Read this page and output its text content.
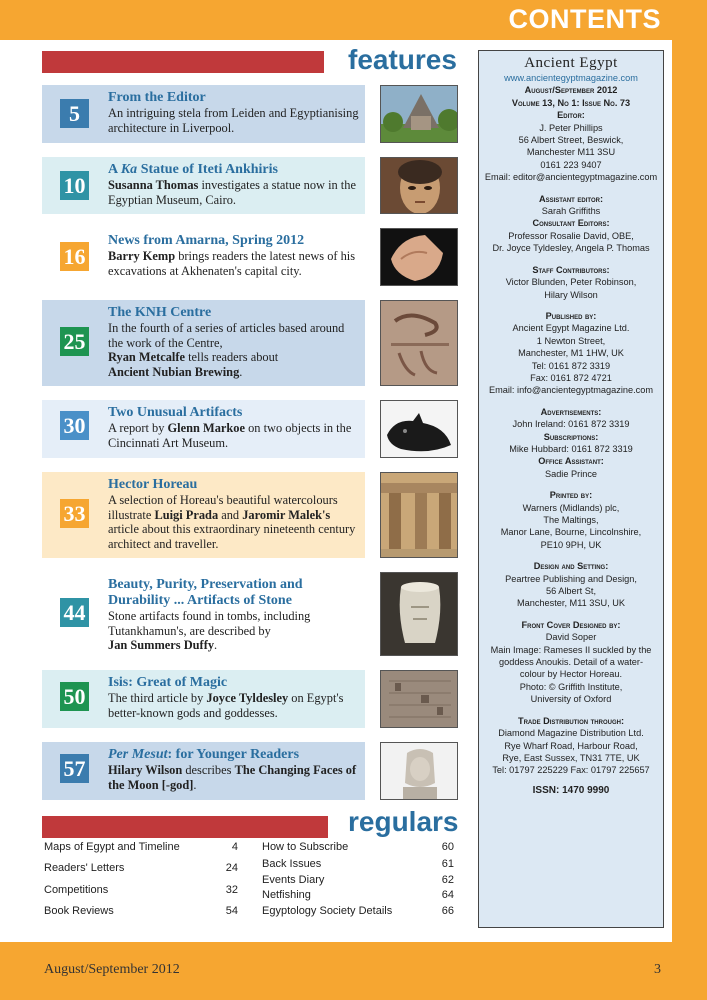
CONTENTS
features
5
From the Editor
An intriguing stela from Leiden and Egyptianising architecture in Liverpool.
10
A Ka Statue of Iteti Ankhiris
Susanna Thomas investigates a statue now in the Egyptian Museum, Cairo.
16
News from Amarna, Spring 2012
Barry Kemp brings readers the latest news of his excavations at Akhenaten's capital city.
25
The KNH Centre
In the fourth of a series of articles based around the work of the Centre,
Ryan Metcalfe tells readers about
Ancient Nubian Brewing.
30
Two Unusual Artifacts
A report by Glenn Markoe on two objects in the Cincinnati Art Museum.
33
Hector Horeau
A selection of Horeau's beautiful watercolours illustrate Luigi Prada and Jaromir Malek's article about this extraordinary nineteenth century architect and traveller.
44
Beauty, Purity, Preservation and Durability ... Artifacts of Stone
Stone artifacts found in tombs, including Tutankhamun's, are described by
Jan Summers Duffy.
50
Isis: Great of Magic
The third article by Joyce Tyldesley on Egypt's better-known gods and goddesses.
57
Per Mesut: for Younger Readers
Hilary Wilson describes The Changing Faces of the Moon [-god].
regulars
Maps of Egypt and Timeline	4
Readers' Letters	24
Competitions	32
Book Reviews	54
How to Subscribe	60
Back Issues	61
Events Diary	62
Netfishing	64
Egyptology Society Details	66
Ancient Egypt
www.ancientegyptmagazine.com
August/September 2012
Volume 13, No 1: Issue No. 73
Editor:
J. Peter Phillips
56 Albert Street, Beswick,
Manchester M11 3SU
0161 223 9407
Email: editor@ancientegyptmagazine.com
Assistant editor:
Sarah Griffiths
Consultant Editors:
Professor Rosalie David, OBE,
Dr. Joyce Tyldesley, Angela P. Thomas
Staff Contributors:
Victor Blunden, Peter Robinson,
Hilary Wilson
Published by:
Ancient Egypt Magazine Ltd.
1 Newton Street,
Manchester, M1 1HW, UK
Tel: 0161 872 3319
Fax: 0161 872 4721
Email: info@ancientegyptmagazine.com
Advertisements:
John Ireland: 0161 872 3319
Subscriptions:
Mike Hubbard: 0161 872 3319
Office Assistant:
Sadie Prince
Printed by:
Warners (Midlands) plc,
The Maltings,
Manor Lane, Bourne, Lincolnshire,
PE10 9PH, UK
Design and Setting:
Peartree Publishing and Design,
56 Albert St,
Manchester, M11 3SU, UK
Front Cover Designed by:
David Soper
Main Image: Rameses II suckled by the
goddess Anoukis. Detail of a water-
colour by Hector Horeau.
Photo: © Griffith Institute,
University of Oxford
Trade Distribution through:
Diamond Magazine Distribution Ltd.
Rye Wharf Road, Harbour Road,
Rye, East Sussex, TN31 7TE, UK
Tel: 01797 225229 Fax: 01797 225657
ISSN: 1470 9990
August/September 2012	3
